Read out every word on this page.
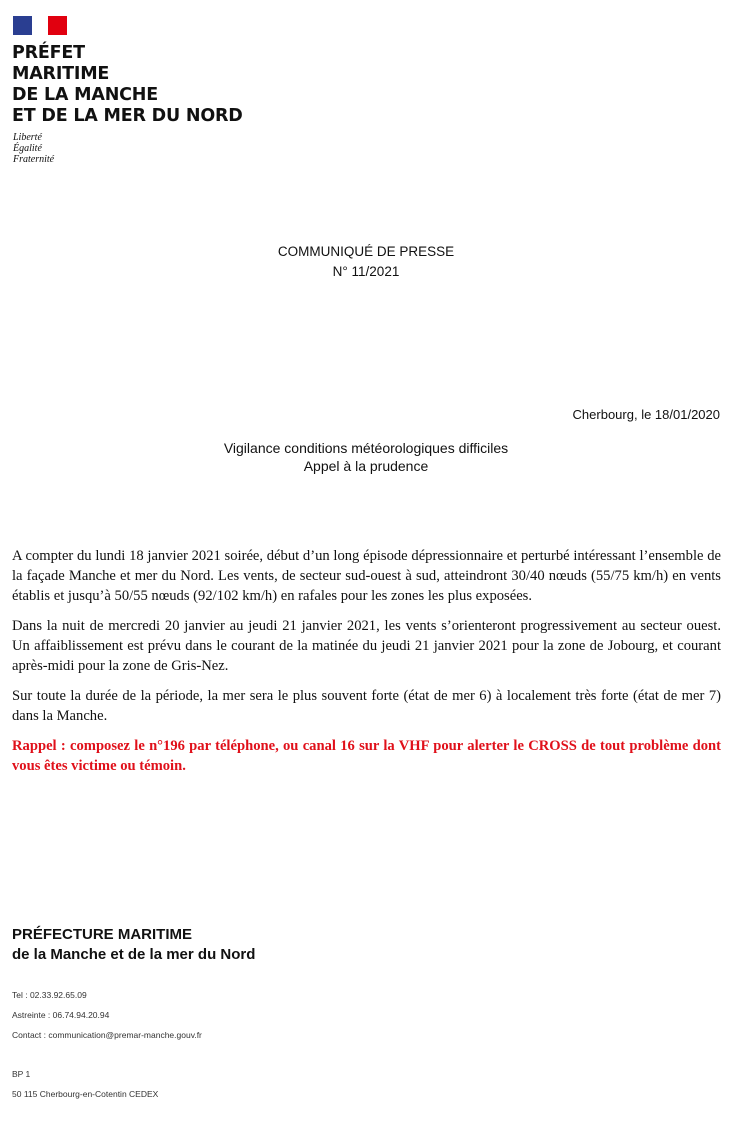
PRÉFET
MARITIME
DE LA MANCHE
ET DE LA MER DU NORD
Liberté
Égalité
Fraternité
COMMUNIQUÉ DE PRESSE
N° 11/2021
Cherbourg, le 18/01/2020
Vigilance conditions météorologiques difficiles
Appel à la prudence

A compter du lundi 18 janvier 2021 soirée, début d’un long épisode dépressionnaire et perturbé intéressant l’ensemble de la façade Manche et mer du Nord. Les vents, de secteur sud-ouest à sud, atteindront 30/40 nœuds (55/75 km/h) en vents établis et jusqu’à 50/55 nœuds (92/102 km/h) en rafales pour les zones les plus exposées.

Dans la nuit de mercredi 20 janvier au jeudi 21 janvier 2021, les vents s’orienteront progressivement au secteur ouest. Un affaiblissement est prévu dans le courant de la matinée du jeudi 21 janvier 2021 pour la zone de Jobourg, et courant après-midi pour la zone de Gris-Nez.

Sur toute la durée de la période, la mer sera le plus souvent forte (état de mer 6) à localement très forte (état de mer 7) dans la Manche.

Rappel : composez le n°196 par téléphone, ou canal 16 sur la VHF pour alerter le CROSS de tout problème dont vous êtes victime ou témoin.

PRÉFECTURE MARITIME
de la Manche et de la mer du Nord
Tel : 02.33.92.65.09
Astreinte : 06.74.94.20.94
Contact : communication@premar-manche.gouv.fr
BP 1
50 115 Cherbourg-en-Cotentin CEDEX
